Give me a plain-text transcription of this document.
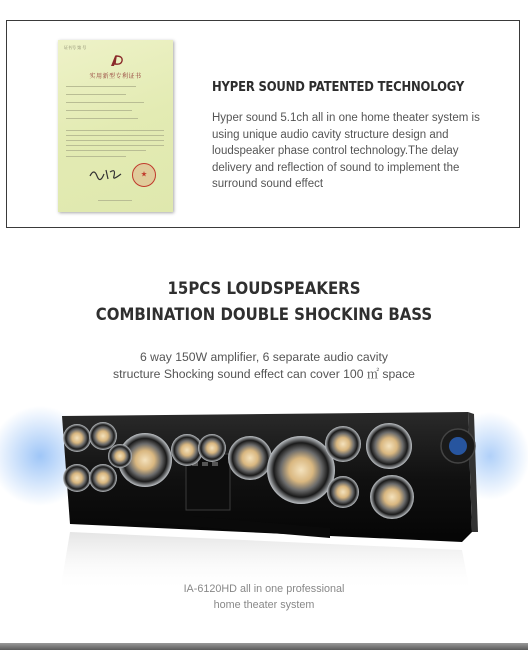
证书号 第 号
实用新型专利证书
HYPER SOUND PATENTED TECHNOLOGY

Hyper sound 5.1ch all in one home theater system is using unique audio cavity structure design and loudspeaker phase control technology.The delay delivery and reflection of sound to implement the surround sound effect

15PCS LOUDSPEAKERS
COMBINATION DOUBLE SHOCKING BASS

6 way 150W amplifier, 6 separate audio cavity
structure Shocking sound effect can cover 100 ㎡ space

IA-6120HD all in one professional
home theater system
